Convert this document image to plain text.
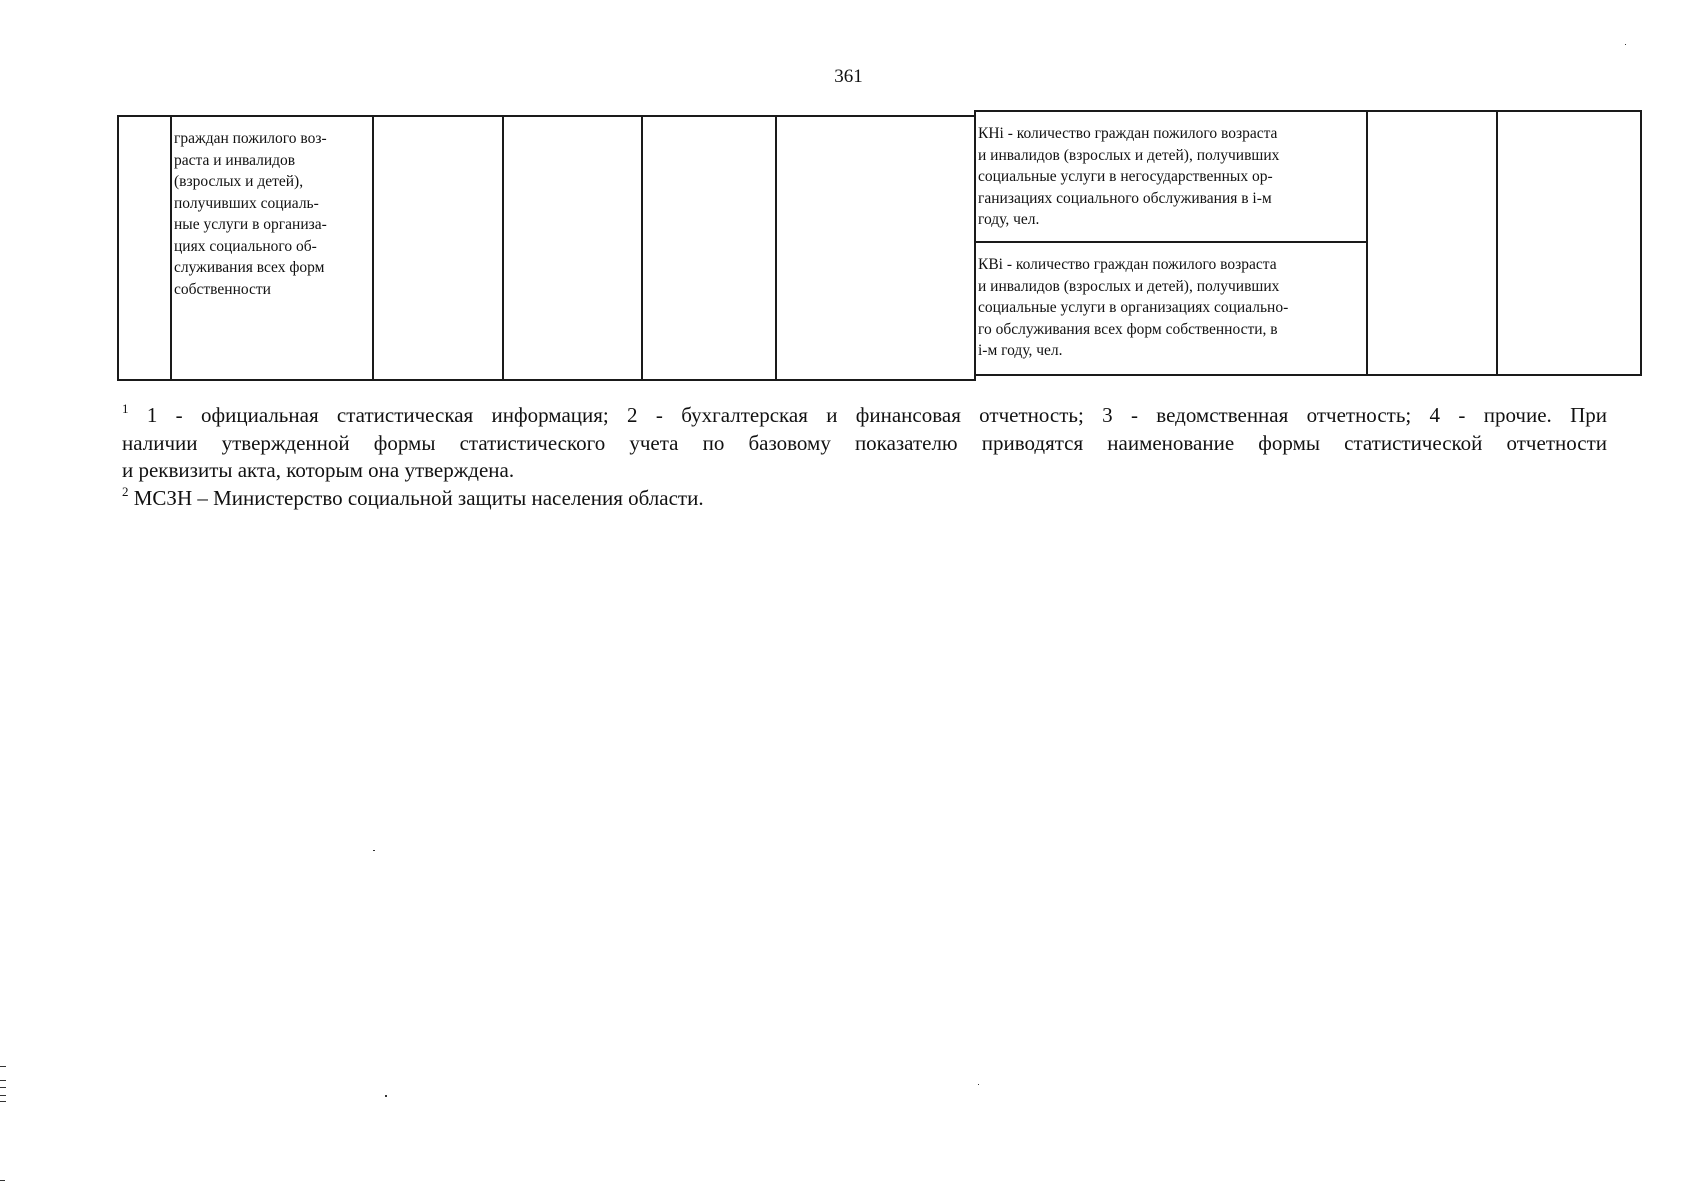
361
граждан пожилого воз-
раста и инвалидов
(взрослых и детей),
получивших социаль-
ные услуги в организа-
циях социального об-
служивания всех форм
собственности
КНi - количество граждан пожилого возраста
и инвалидов (взрослых и детей), получивших
социальные услуги в негосударственных ор-
ганизациях социального обслуживания в i-м
году, чел.
КВi - количество граждан пожилого возраста
и инвалидов (взрослых и детей), получивших
социальные услуги в организациях социально-
го обслуживания всех форм собственности, в
i-м году, чел.
$^1$ 1 - официальная статистическая информация; 2 - бухгалтерская и финансовая отчетность; 3 - ведомственная отчетность; 4 - прочие. При
наличии утвержденной формы статистического учета по базовому показателю приводятся наименование формы статистической отчетности
и реквизиты акта, которым она утверждена.
$^2$ МСЗН – Министерство социальной защиты населения области.
